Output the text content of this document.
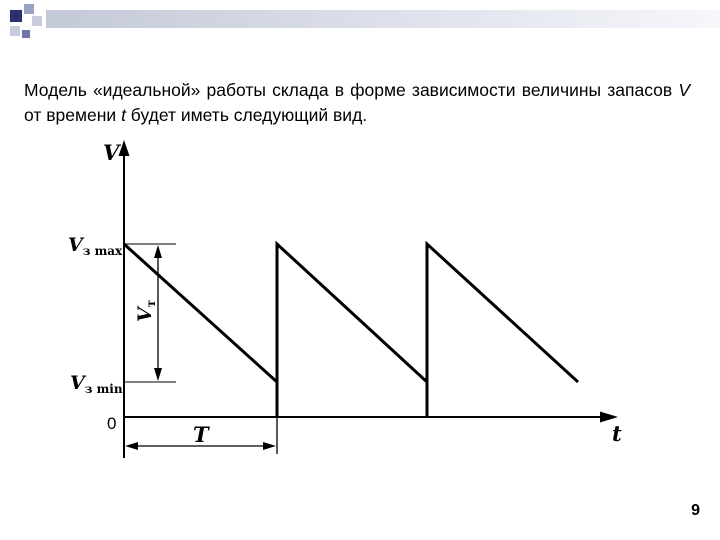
Модель «идеальной» работы склада в форме зависимости величины запасов V от времени t будет иметь следующий вид.
V
t
$V_{з max}$
$V_{з min}$
$V_т$
0	T
9
